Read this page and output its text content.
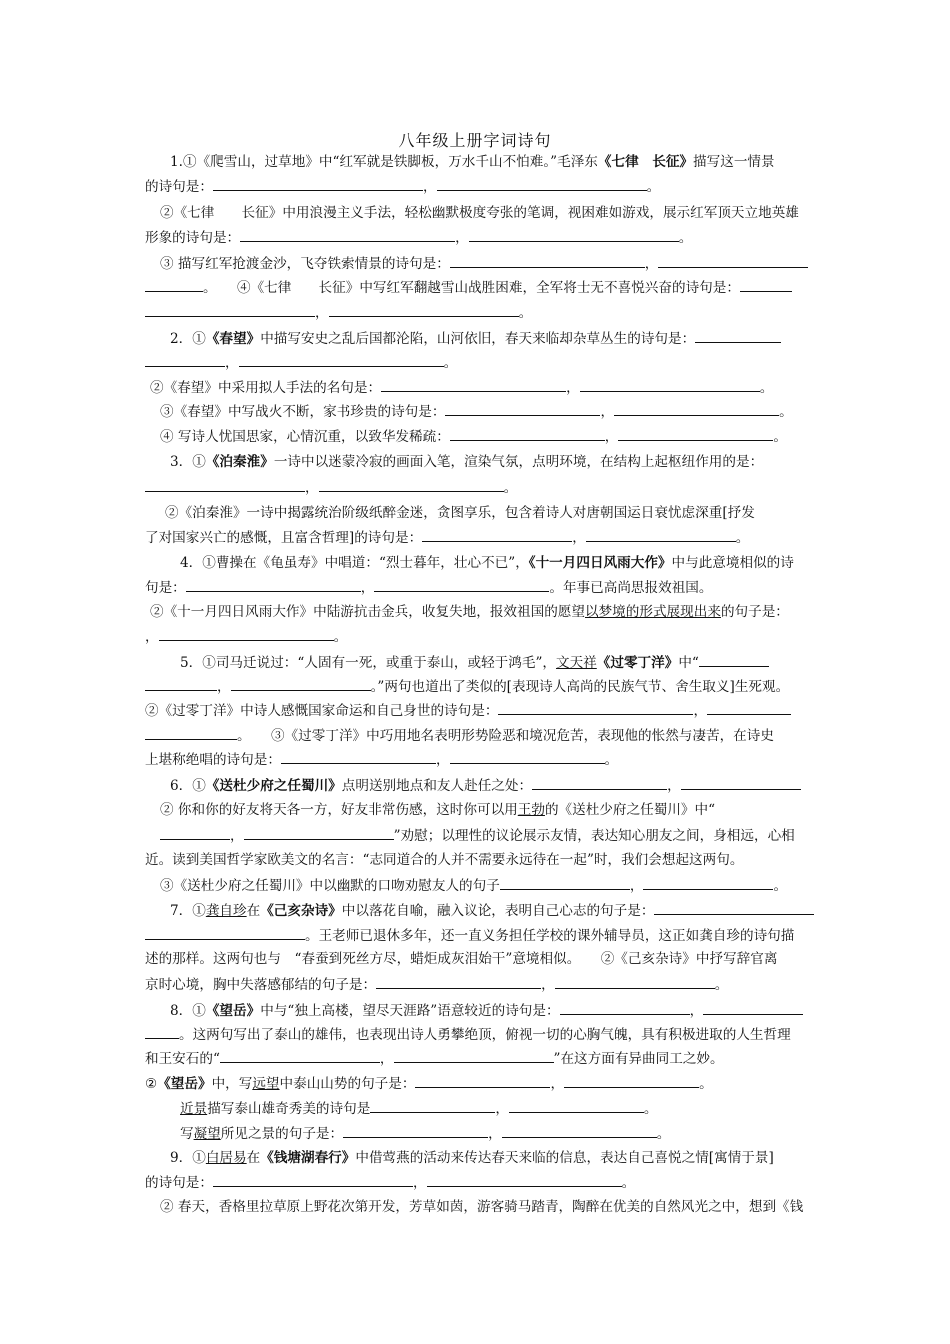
八年级上册字词诗句
1.①《爬雪山，过草地》中“红军就是铁脚板，万水千山不怕难。”毛泽东《七律　长征》描写这一情景
的诗句是：	，	。
②《七律　　长征》中用浪漫主义手法，轻松幽默极度夸张的笔调，视困难如游戏，展示红军顶天立地英雄
形象的诗句是：	，	。
③ 描写红军抢渡金沙，飞夺铁索情景的诗句是：	，
。　　④《七律　　长征》中写红军翻越雪山战胜困难，全军将士无不喜悦兴奋的诗句是：
，	。
2．①《春望》中描写安史之乱后国都沦陷，山河依旧，春天来临却杂草丛生的诗句是：
，	。
②《春望》中采用拟人手法的名句是：	，	。
③《春望》中写战火不断，家书珍贵的诗句是：	，	。
④ 写诗人忧国思家，心情沉重，以致华发稀疏：	，	。
3．①《泊秦淮》一诗中以迷蒙冷寂的画面入笔，渲染气氛，点明环境，在结构上起枢纽作用的是：
，	。
②《泊秦淮》一诗中揭露统治阶级纸醉金迷，贪图享乐，包含着诗人对唐朝国运日衰忧虑深重[抒发
了对国家兴亡的感慨，且富含哲理]的诗句是：	，	。
4．①曹操在《龟虽寿》中唱道：“烈士暮年，壮心不已”，《十一月四日风雨大作》中与此意境相似的诗
句是：	，	。年事已高尚思报效祖国。
②《十一月四日风雨大作》中陆游抗击金兵，收复失地，报效祖国的愿望以梦境的形式展现出来的句子是：
，	。
5．①司马迁说过：“人固有一死，或重于泰山，或轻于鸿毛”，文天祥《过零丁洋》中“
，	。”两句也道出了类似的[表现诗人高尚的民族气节、舍生取义]生死观。
②《过零丁洋》中诗人感慨国家命运和自己身世的诗句是：	，
。　　③《过零丁洋》中巧用地名表明形势险恶和境况危苦，表现他的怅然与凄苦，在诗史
上堪称绝唱的诗句是：	，	。
6．①《送杜少府之任蜀川》点明送别地点和友人赴任之处：	，
② 你和你的好友将天各一方，好友非常伤感，这时你可以用王勃的《送杜少府之任蜀川》中“
，	”劝慰；以理性的议论展示友情，表达知心朋友之间，身相远，心相
近。读到美国哲学家欧美文的名言：“志同道合的人并不需要永远待在一起”时，我们会想起这两句。
③《送杜少府之任蜀川》中以幽默的口吻劝慰友人的句子	，	。
7．①龚自珍在《己亥杂诗》中以落花自喻，融入议论，表明自己心志的句子是：
。王老师已退休多年，还一直义务担任学校的课外辅导员，这正如龚自珍的诗句描
述的那样。这两句也与　“春蚕到死丝方尽，蜡炬成灰泪始干”意境相似。　　②《己亥杂诗》中抒写辞官离
京时心境，胸中失落感郁结的句子是：	，	。
8．①《望岳》中与“独上高楼，望尽天涯路”语意较近的诗句是：	，
。这两句写出了泰山的雄伟，也表现出诗人勇攀绝顶，俯视一切的心胸气魄，具有积极进取的人生哲理
和王安石的“	，	”在这方面有异曲同工之妙。
②《望岳》中，写远望中泰山山势的句子是：	，	。
近景描写泰山雄奇秀美的诗句是	，	。
写凝望所见之景的句子是：	，	。
9．①白居易在《钱塘湖春行》中借莺燕的活动来传达春天来临的信息，表达自己喜悦之情[寓情于景]
的诗句是：	，	。
② 春天，香格里拉草原上野花次第开发，芳草如茵，游客骑马踏青，陶醉在优美的自然风光之中，想到《钱
